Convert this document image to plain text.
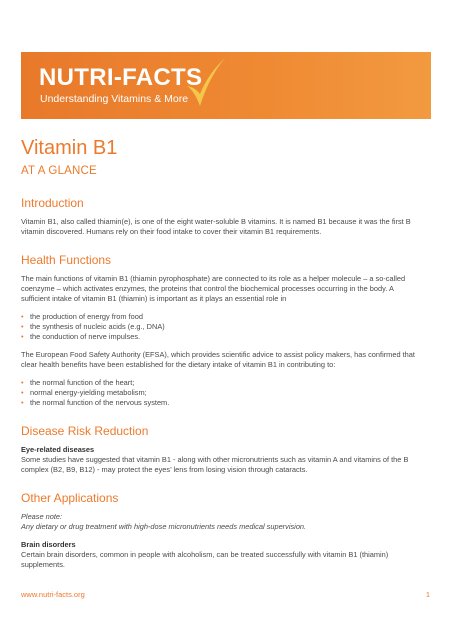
NUTRI-FACTS
Understanding Vitamins & More
Vitamin B1
AT A GLANCE
Introduction

Vitamin B1, also called thiamin(e), is one of the eight water-soluble B vitamins. It is named B1 because it was the first B vitamin discovered. Humans rely on their food intake to cover their vitamin B1 requirements.

Health Functions

The main functions of vitamin B1 (thiamin pyrophosphate) are connected to its role as a helper molecule – a so-called coenzyme – which activates enzymes, the proteins that control the biochemical processes occurring in the body. A sufficient intake of vitamin B1 (thiamin) is important as it plays an essential role in

• the production of energy from food
• the synthesis of nucleic acids (e.g., DNA)
• the conduction of nerve impulses.

The European Food Safety Authority (EFSA), which provides scientific advice to assist policy makers, has confirmed that clear health benefits have been established for the dietary intake of vitamin B1 in contributing to:

• the normal function of the heart;
• normal energy-yielding metabolism;
• the normal function of the nervous system.
Disease Risk Reduction
Eye-related diseases

Some studies have suggested that vitamin B1 - along with other micronutrients such as vitamin A and vitamins of the B complex (B2, B9, B12) - may protect the eyes’ lens from losing vision through cataracts.

Other Applications

Please note:

Any dietary or drug treatment with high-dose micronutrients needs medical supervision.

Brain disorders

Certain brain disorders, common in people with alcoholism, can be treated successfully with vitamin B1 (thiamin) supplements.

www.nutri-facts.org	1
